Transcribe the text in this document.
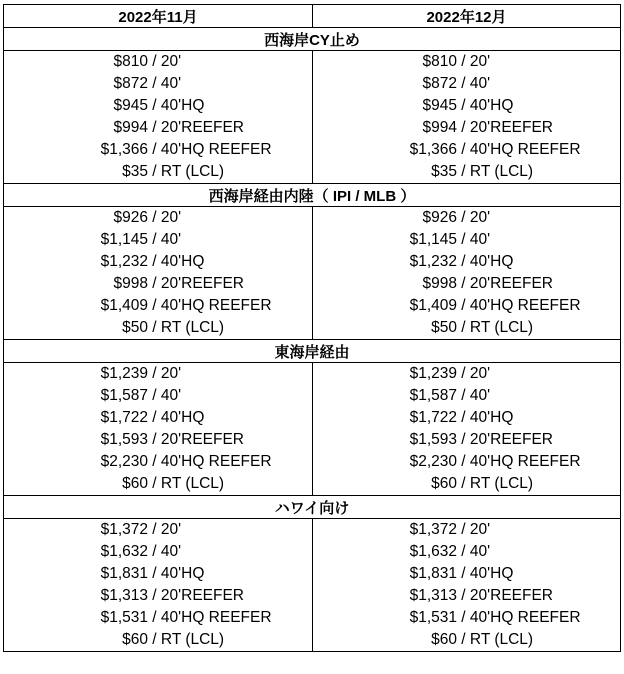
2022年11月	2022年12月
西海岸CY止め	

$810 / 20'	$810 / 20'

$872 / 40'	$872 / 40'

$945 / 40'HQ	$945 / 40'HQ

$994 / 20'REEFER	$994 / 20'REEFER

$1,366 / 40'HQ REEFER	$1,366 / 40'HQ REEFER

$35 / RT (LCL)	$35 / RT (LCL)

西海岸経由内陸（ IPI / MLB ）	

$926 / 20'	$926 / 20'

$1,145 / 40'	$1,145 / 40'

$1,232 / 40'HQ	$1,232 / 40'HQ

$998 / 20'REEFER	$998 / 20'REEFER

$1,409 / 40'HQ REEFER	$1,409 / 40'HQ REEFER

$50 / RT (LCL)	$50 / RT (LCL)

東海岸経由	

$1,239 / 20'	$1,239 / 20'

$1,587 / 40'	$1,587 / 40'

$1,722 / 40'HQ	$1,722 / 40'HQ

$1,593 / 20'REEFER	$1,593 / 20'REEFER

$2,230 / 40'HQ REEFER	$2,230 / 40'HQ REEFER

$60 / RT (LCL)	$60 / RT (LCL)

ハワイ向け	

$1,372 / 20'	$1,372 / 20'

$1,632 / 40'	$1,632 / 40'

$1,831 / 40'HQ	$1,831 / 40'HQ

$1,313 / 20'REEFER	$1,313 / 20'REEFER

$1,531 / 40'HQ REEFER	$1,531 / 40'HQ REEFER

$60 / RT (LCL)	$60 / RT (LCL)
